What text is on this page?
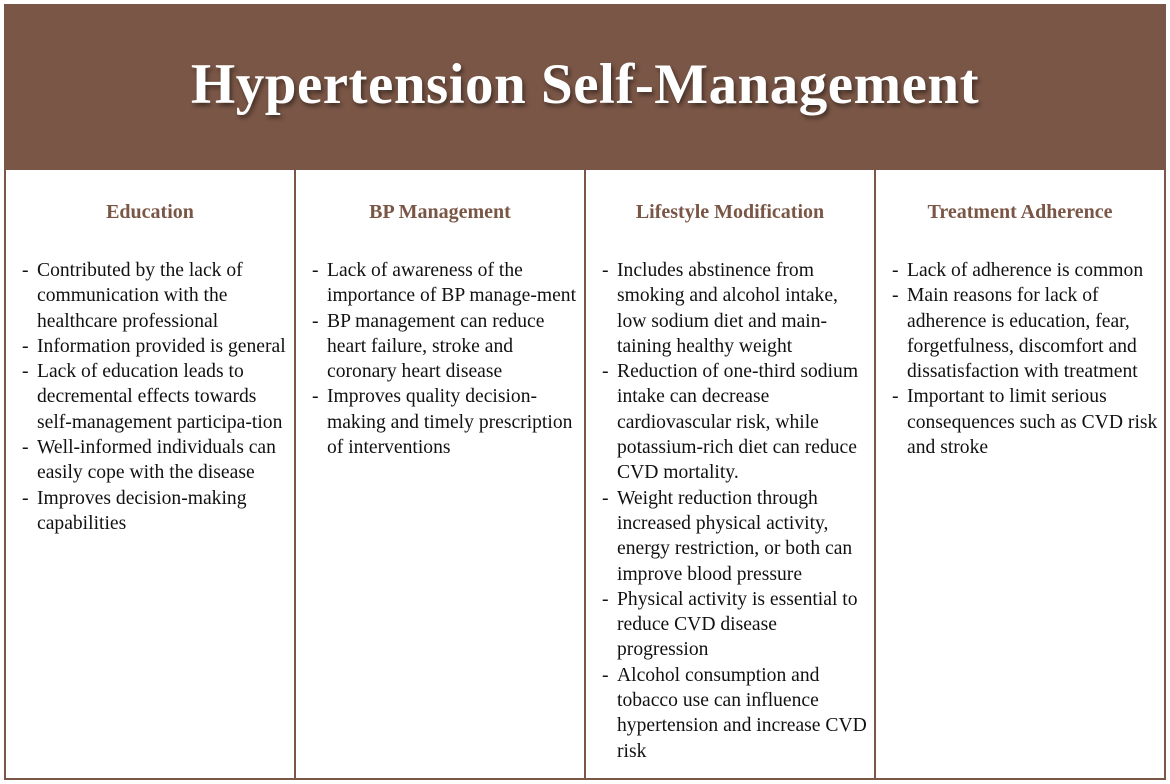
Hypertension Self-Management
Education
- Contributed by the lack of communication with the healthcare professional
- Information provided is general
- Lack of education leads to decremental effects towards self-management participa-tion
- Well-informed individuals can easily cope with the disease
- Improves decision-making capabilities
BP Management
- Lack of awareness of the importance of BP manage-ment
- BP management can reduce heart failure, stroke and coronary heart disease
- Improves quality decision-making and timely prescription of interventions
Lifestyle Modification
- Includes abstinence from smoking and alcohol intake, low sodium diet and main-taining healthy weight
- Reduction of one-third sodium intake can decrease cardiovascular risk, while potassium-rich diet can reduce CVD mortality.
- Weight reduction through increased physical activity, energy restriction, or both can improve blood pressure
- Physical activity is essential to reduce CVD disease progression
- Alcohol consumption and tobacco use can influence hypertension and increase CVD risk
Treatment Adherence
- Lack of adherence is common
- Main reasons for lack of adherence is education, fear, forgetfulness, discomfort and dissatisfaction with treatment
- Important to limit serious consequences such as CVD risk and stroke
